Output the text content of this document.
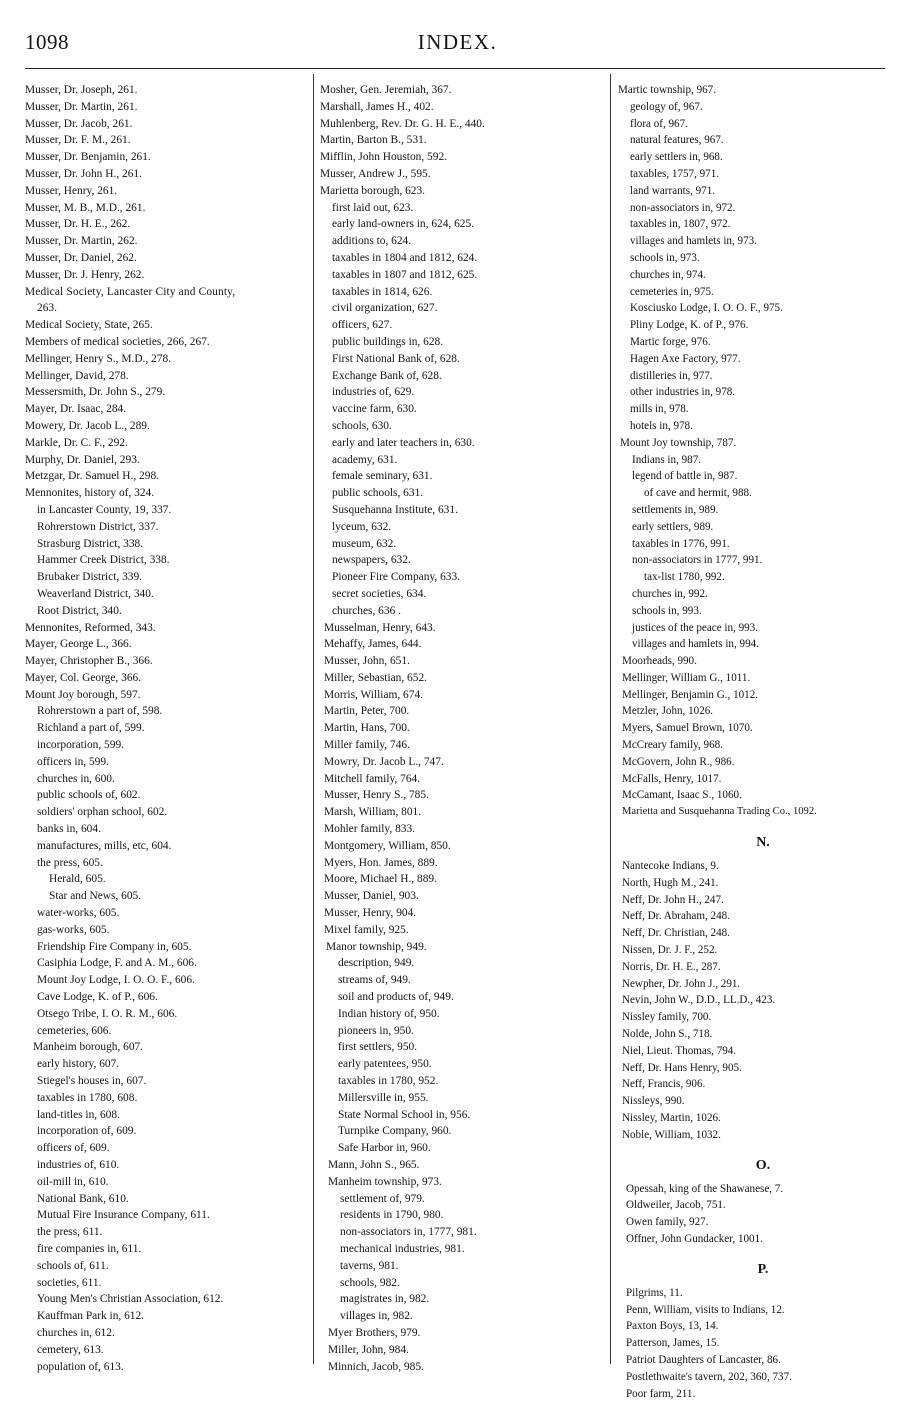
1098	INDEX.
Musser, Dr. Joseph, 261.
Musser, Dr. Martin, 261.
Musser, Dr. Jacob, 261.
Musser, Dr. F. M., 261.
Musser, Dr. Benjamin, 261.
Musser, Dr. John H., 261.
Musser, Henry, 261.
Musser, M. B., M.D., 261.
Musser, Dr. H. E., 262.
Musser, Dr. Martin, 262.
Musser, Dr. Daniel, 262.
Musser, Dr. J. Henry, 262.
Medical Society, Lancaster City and County,
263.
Medical Society, State, 265.
Members of medical societies, 266, 267.
Mellinger, Henry S., M.D., 278.
Mellinger, David, 278.
Messersmith, Dr. John S., 279.
Mayer, Dr. Isaac, 284.
Mowery, Dr. Jacob L., 289.
Markle, Dr. C. F., 292.
Murphy, Dr. Daniel, 293.
Metzgar, Dr. Samuel H., 298.
Mennonites, history of, 324.
in Lancaster County, 19, 337.
Rohrerstown District, 337.
Strasburg District, 338.
Hammer Creek District, 338.
Brubaker District, 339.
Weaverland District, 340.
Root District, 340.
Mennonites, Reformed, 343.
Mayer, George L., 366.
Mayer, Christopher B., 366.
Mayer, Col. George, 366.
Mount Joy borough, 597.
Rohrerstown a part of, 598.
Richland a part of, 599.
incorporation, 599.
officers in, 599.
churches in, 600.
public schools of, 602.
soldiers' orphan school, 602.
banks in, 604.
manufactures, mills, etc, 604.
the press, 605.
Herald, 605.
Star and News, 605.
water-works, 605.
gas-works, 605.
Friendship Fire Company in, 605.
Casiphia Lodge, F. and A. M., 606.
Mount Joy Lodge, I. O. O. F., 606.
Cave Lodge, K. of P., 606.
Otsego Tribe, I. O. R. M., 606.
cemeteries, 606.
Manheim borough, 607.
early history, 607.
Stiegel's houses in, 607.
taxables in 1780, 608.
land-titles in, 608.
incorporation of, 609.
officers of, 609.
industries of, 610.
oil-mill in, 610.
National Bank, 610.
Mutual Fire Insurance Company, 611.
the press, 611.
fire companies in, 611.
schools of, 611.
societies, 611.
Young Men's Christian Association, 612.
Kauffman Park in, 612.
churches in, 612.
cemetery, 613.
population of, 613.
Mosher, Gen. Jeremiah, 367.
Marshall, James H., 402.
Muhlenberg, Rev. Dr. G. H. E., 440.
Martin, Barton B., 531.
Mifflin, John Houston, 592.
Musser, Andrew J., 595.
Marietta borough, 623.
first laid out, 623.
early land-owners in, 624, 625.
additions to, 624.
taxables in 1804 and 1812, 624.
taxables in 1807 and 1812, 625.
taxables in 1814, 626.
civil organization, 627.
officers, 627.
public buildings in, 628.
First National Bank of, 628.
Exchange Bank of, 628.
industries of, 629.
vaccine farm, 630.
schools, 630.
early and later teachers in, 630.
academy, 631.
female seminary, 631.
public schools, 631.
Susquehanna Institute, 631.
lyceum, 632.
museum, 632.
newspapers, 632.
Pioneer Fire Company, 633.
secret societies, 634.
churches, 636 .
Musselman, Henry, 643.
Mehaffy, James, 644.
Musser, John, 651.
Miller, Sebastian, 652.
Morris, William, 674.
Martin, Peter, 700.
Martin, Hans, 700.
Miller family, 746.
Mowry, Dr. Jacob L., 747.
Mitchell family, 764.
Musser, Henry S., 785.
Marsh, William, 801.
Mohler family, 833.
Montgomery, William, 850.
Myers, Hon. James, 889.
Moore, Michael H., 889.
Musser, Daniel, 903.
Musser, Henry, 904.
Mixel family, 925.
Manor township, 949.
description, 949.
streams of, 949.
soil and products of, 949.
Indian history of, 950.
pioneers in, 950.
first settlers, 950.
early patentees, 950.
taxables in 1780, 952.
Millersville in, 955.
State Normal School in, 956.
Turnpike Company, 960.
Safe Harbor in, 960.
Mann, John S., 965.
Manheim township, 973.
settlement of, 979.
residents in 1790, 980.
non-associators in, 1777, 981.
mechanical industries, 981.
taverns, 981.
schools, 982.
magistrates in, 982.
villages in, 982.
Myer Brothers, 979.
Miller, John, 984.
Minnich, Jacob, 985.
Martic township, 967.
geology of, 967.
flora of, 967.
natural features, 967.
early settlers in, 968.
taxables, 1757, 971.
land warrants, 971.
non-associators in, 972.
taxables in, 1807, 972.
villages and hamlets in, 973.
schools in, 973.
churches in, 974.
cemeteries in, 975.
Kosciusko Lodge, I. O. O. F., 975.
Pliny Lodge, K. of P., 976.
Martic forge, 976.
Hagen Axe Factory, 977.
distilleries in, 977.
other industries in, 978.
mills in, 978.
hotels in, 978.
Mount Joy township, 787.
Indians in, 987.
legend of battle in, 987.
of cave and hermit, 988.
settlements in, 989.
early settlers, 989.
taxables in 1776, 991.
non-associators in 1777, 991.
tax-list 1780, 992.
churches in, 992.
schools in, 993.
justices of the peace in, 993.
villages and hamlets in, 994.
Moorheads, 990.
Mellinger, William G., 1011.
Mellinger, Benjamin G., 1012.
Metzler, John, 1026.
Myers, Samuel Brown, 1070.
McCreary family, 968.
McGovern, John R., 986.
McFalls, Henry, 1017.
McCamant, Isaac S., 1060.
Marietta and Susquehanna Trading Co., 1092.
N.
Nantecoke Indians, 9.
North, Hugh M., 241.
Neff, Dr. John H., 247.
Neff, Dr. Abraham, 248.
Neff, Dr. Christian, 248.
Nissen, Dr. J. F., 252.
Norris, Dr. H. E., 287.
Newpher, Dr. John J., 291.
Nevin, John W., D.D., LL.D., 423.
Nissley family, 700.
Nolde, John S., 718.
Niel, Lieut. Thomas, 794.
Neff, Dr. Hans Henry, 905.
Neff, Francis, 906.
Nissleys, 990.
Nissley, Martin, 1026.
Noble, William, 1032.
O.
Opessah, king of the Shawanese, 7.
Oldweiler, Jacob, 751.
Owen family, 927.
Offner, John Gundacker, 1001.
P.
Pilgrims, 11.
Penn, William, visits to Indians, 12.
Paxton Boys, 13, 14.
Patterson, James, 15.
Patriot Daughters of Lancaster, 86.
Postlethwaite's tavern, 202, 360, 737.
Poor farm, 211.
